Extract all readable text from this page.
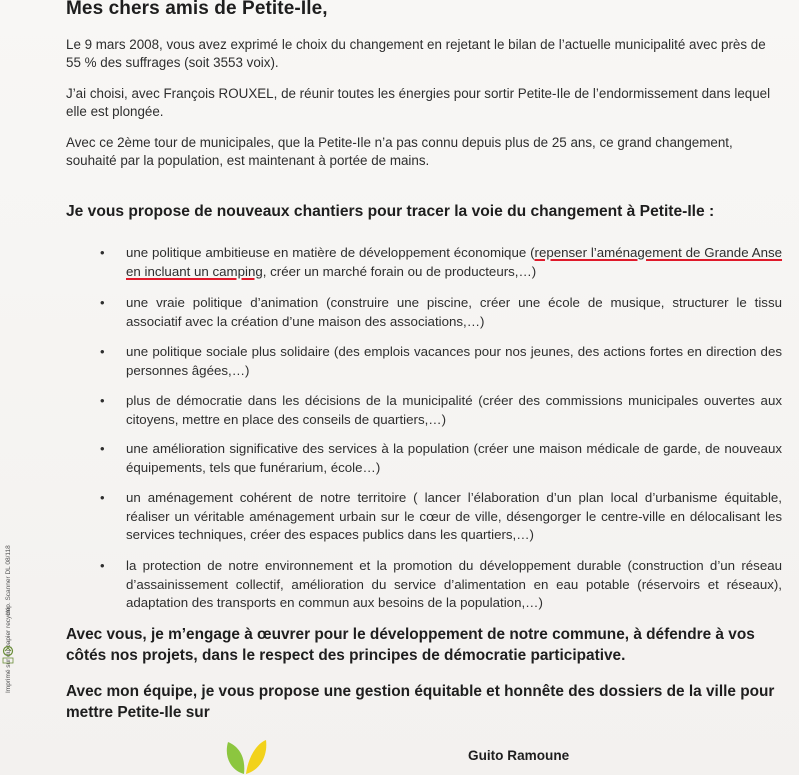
Mes chers amis de Petite-Ile,

Le 9 mars 2008, vous avez exprimé le choix du changement en rejetant le bilan de l’actuelle municipalité avec près de 55 % des suffrages (soit 3553 voix).

J’ai choisi, avec François ROUXEL, de réunir toutes les énergies pour sortir Petite-Ile de l’endormissement dans lequel elle est plongée.

Avec ce 2ème tour de municipales, que la Petite-Ile n’a pas connu depuis plus de 25 ans, ce grand changement, souhaité par la population, est maintenant à portée de mains.

Je vous propose de nouveaux chantiers pour tracer la voie du changement à Petite-Ile :
• une politique ambitieuse en matière de développement économique (repenser l’aménagement de Grande Anse en incluant un camping, créer un marché forain ou de producteurs,…)
• une vraie politique d’animation (construire une piscine, créer une école de musique, structurer le tissu associatif avec la création d’une maison des associations,…)
• une politique sociale plus solidaire (des emplois vacances pour nos jeunes, des actions fortes en direction des personnes âgées,…)
• plus de démocratie dans les décisions de la municipalité (créer des commissions municipales ouvertes aux citoyens, mettre en place des conseils de quartiers,…)
• une amélioration significative des services à la population (créer une maison médicale de garde, de nouveaux équipements, tels que funérarium, école…)
• un aménagement cohérent de notre territoire ( lancer l’élaboration d’un plan local d’urbanisme équitable, réaliser un véritable aménagement urbain sur le cœur de ville, désengorger le centre-ville en délocalisant les services techniques, créer des espaces publics dans les quartiers,…)
• la protection de notre environnement et la promotion du développement durable (construction d’un réseau d’assainissement collectif, amélioration du service d’alimentation en eau potable (réservoirs et réseaux), adaptation des transports en commun aux besoins de la population,…)

Avec vous, je m’engage à œuvrer pour le développement de notre commune, à défendre à vos côtés nos projets, dans le respect des principes de démocratie participative.

Avec mon équipe, je vous propose une gestion équitable et honnête des dossiers de la ville pour mettre Petite-Ile sur

Guito Ramoune
Imp. Scanner DL 08/118
Imprimé sur du papier recyclé
